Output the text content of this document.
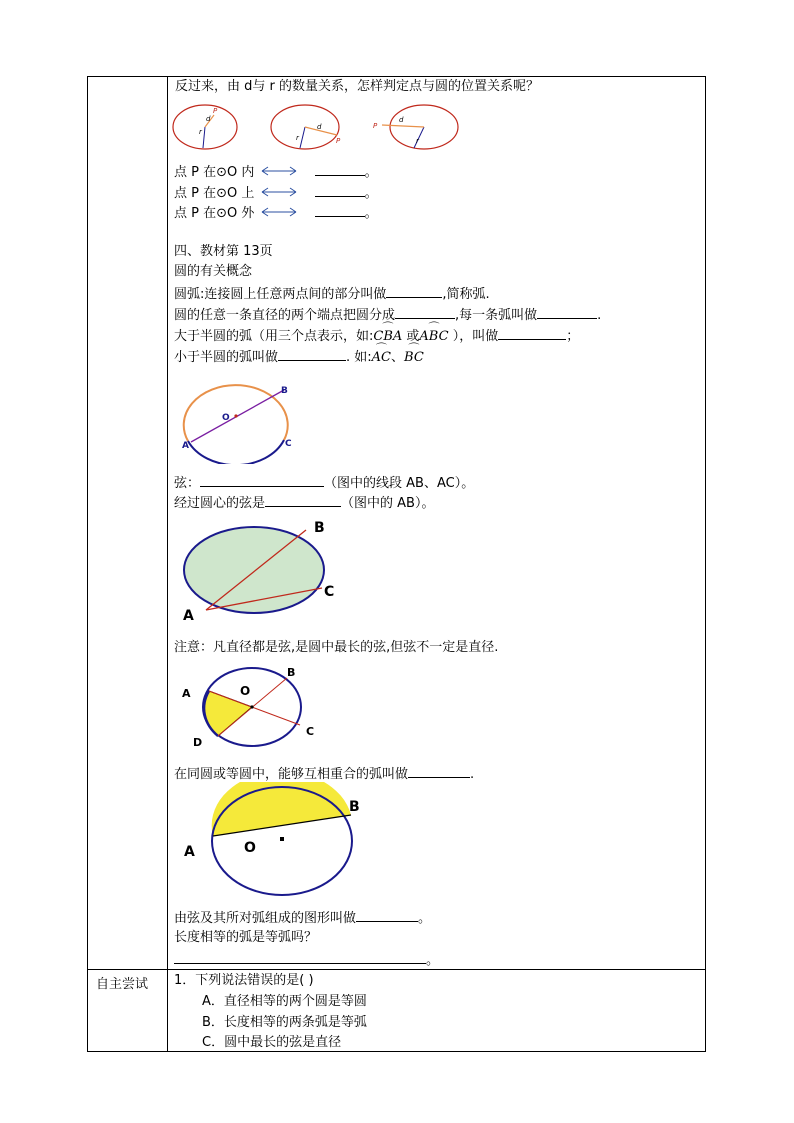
反过来，由 d与 r 的数量关系，怎样判定点与圆的位置关系呢？
r
d
P
r
d
P	r
d
P
点 P 在⊙O 内	。
点 P 在⊙O 上	。
点 P 在⊙O 外	。
四、教材第 13页
圆的有关概念
圆弧:连接圆上任意两点间的部分叫做	,简称弧.
圆的任意一条直径的两个端点把圆分成	,每一条弧叫做	.
大于半圆的弧（用三个点表示，如:⌒ CBA 或⌒ ABC ），叫做	；
小于半圆的弧叫做	. 如:⌒ AC、⌒ BC
O
A
B
C
弦：	（图中的线段 AB、AC）。
经过圆心的弦是	（图中的 AB）。
A
B
C
注意：凡直径都是弦,是圆中最长的弦,但弦不一定是直径.
O
A
B
C
D
在同圆或等圆中，能够互相重合的弧叫做	.
A
B
O
由弦及其所对弧组成的图形叫做	。
长度相等的弧是等弧吗？
。
自主尝试 1．下列说法错误的是( )
A．直径相等的两个圆是等圆
B．长度相等的两条弧是等弧
C．圆中最长的弦是直径
